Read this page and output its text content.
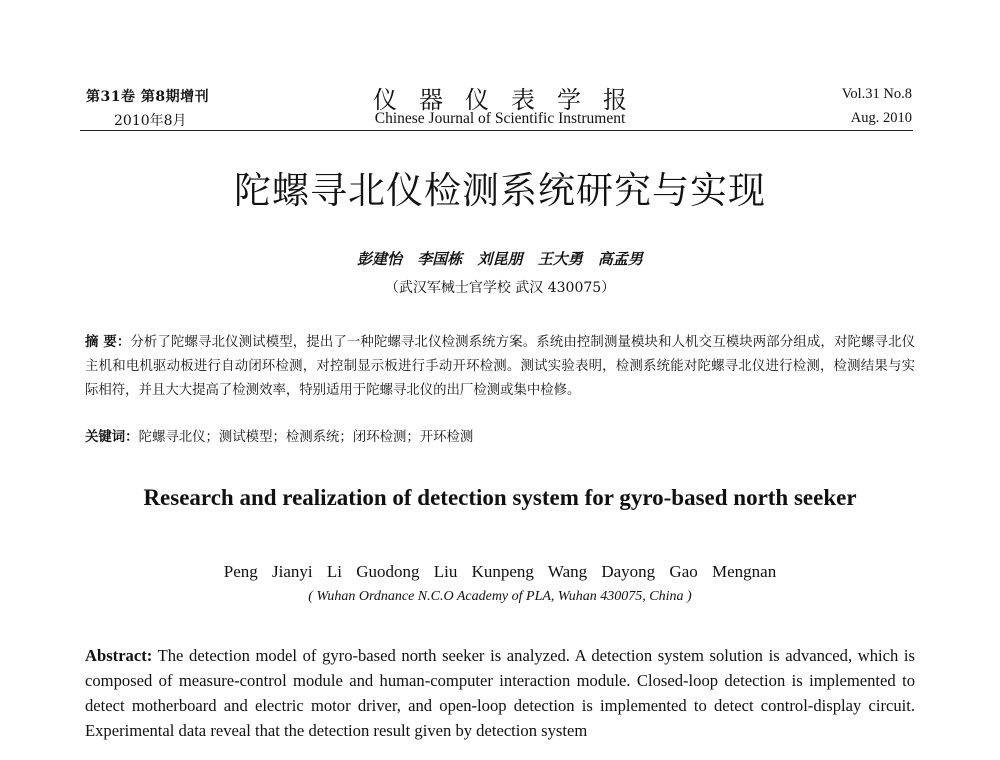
第31卷 第8期增刊
2010年8月
仪器仪表学报
Chinese Journal of Scientific Instrument
Vol.31 No.8
Aug. 2010
陀螺寻北仪检测系统研究与实现
彭建怡 李国栋 刘昆朋 王大勇 高孟男
（武汉军械士官学校 武汉 430075）
摘 要：分析了陀螺寻北仪测试模型，提出了一种陀螺寻北仪检测系统方案。系统由控制测量模块和人机交互模块两部分组成，对陀螺寻北仪主机和电机驱动板进行自动闭环检测，对控制显示板进行手动开环检测。测试实验表明，检测系统能对陀螺寻北仪进行检测，检测结果与实际相符，并且大大提高了检测效率，特别适用于陀螺寻北仪的出厂检测或集中检修。
关键词：陀螺寻北仪；测试模型；检测系统；闭环检测；开环检测
Research and realization of detection system for gyro-based north seeker
Peng Jianyi Li Guodong Liu Kunpeng Wang Dayong Gao Mengnan
( Wuhan Ordnance N.C.O Academy of PLA, Wuhan 430075, China )
Abstract: The detection model of gyro-based north seeker is analyzed. A detection system solution is advanced, which is composed of measure-control module and human-computer interaction module. Closed-loop detection is implemented to detect motherboard and electric motor driver, and open-loop detection is implemented to detect control-display circuit. Experimental data reveal that the detection result given by detection system
